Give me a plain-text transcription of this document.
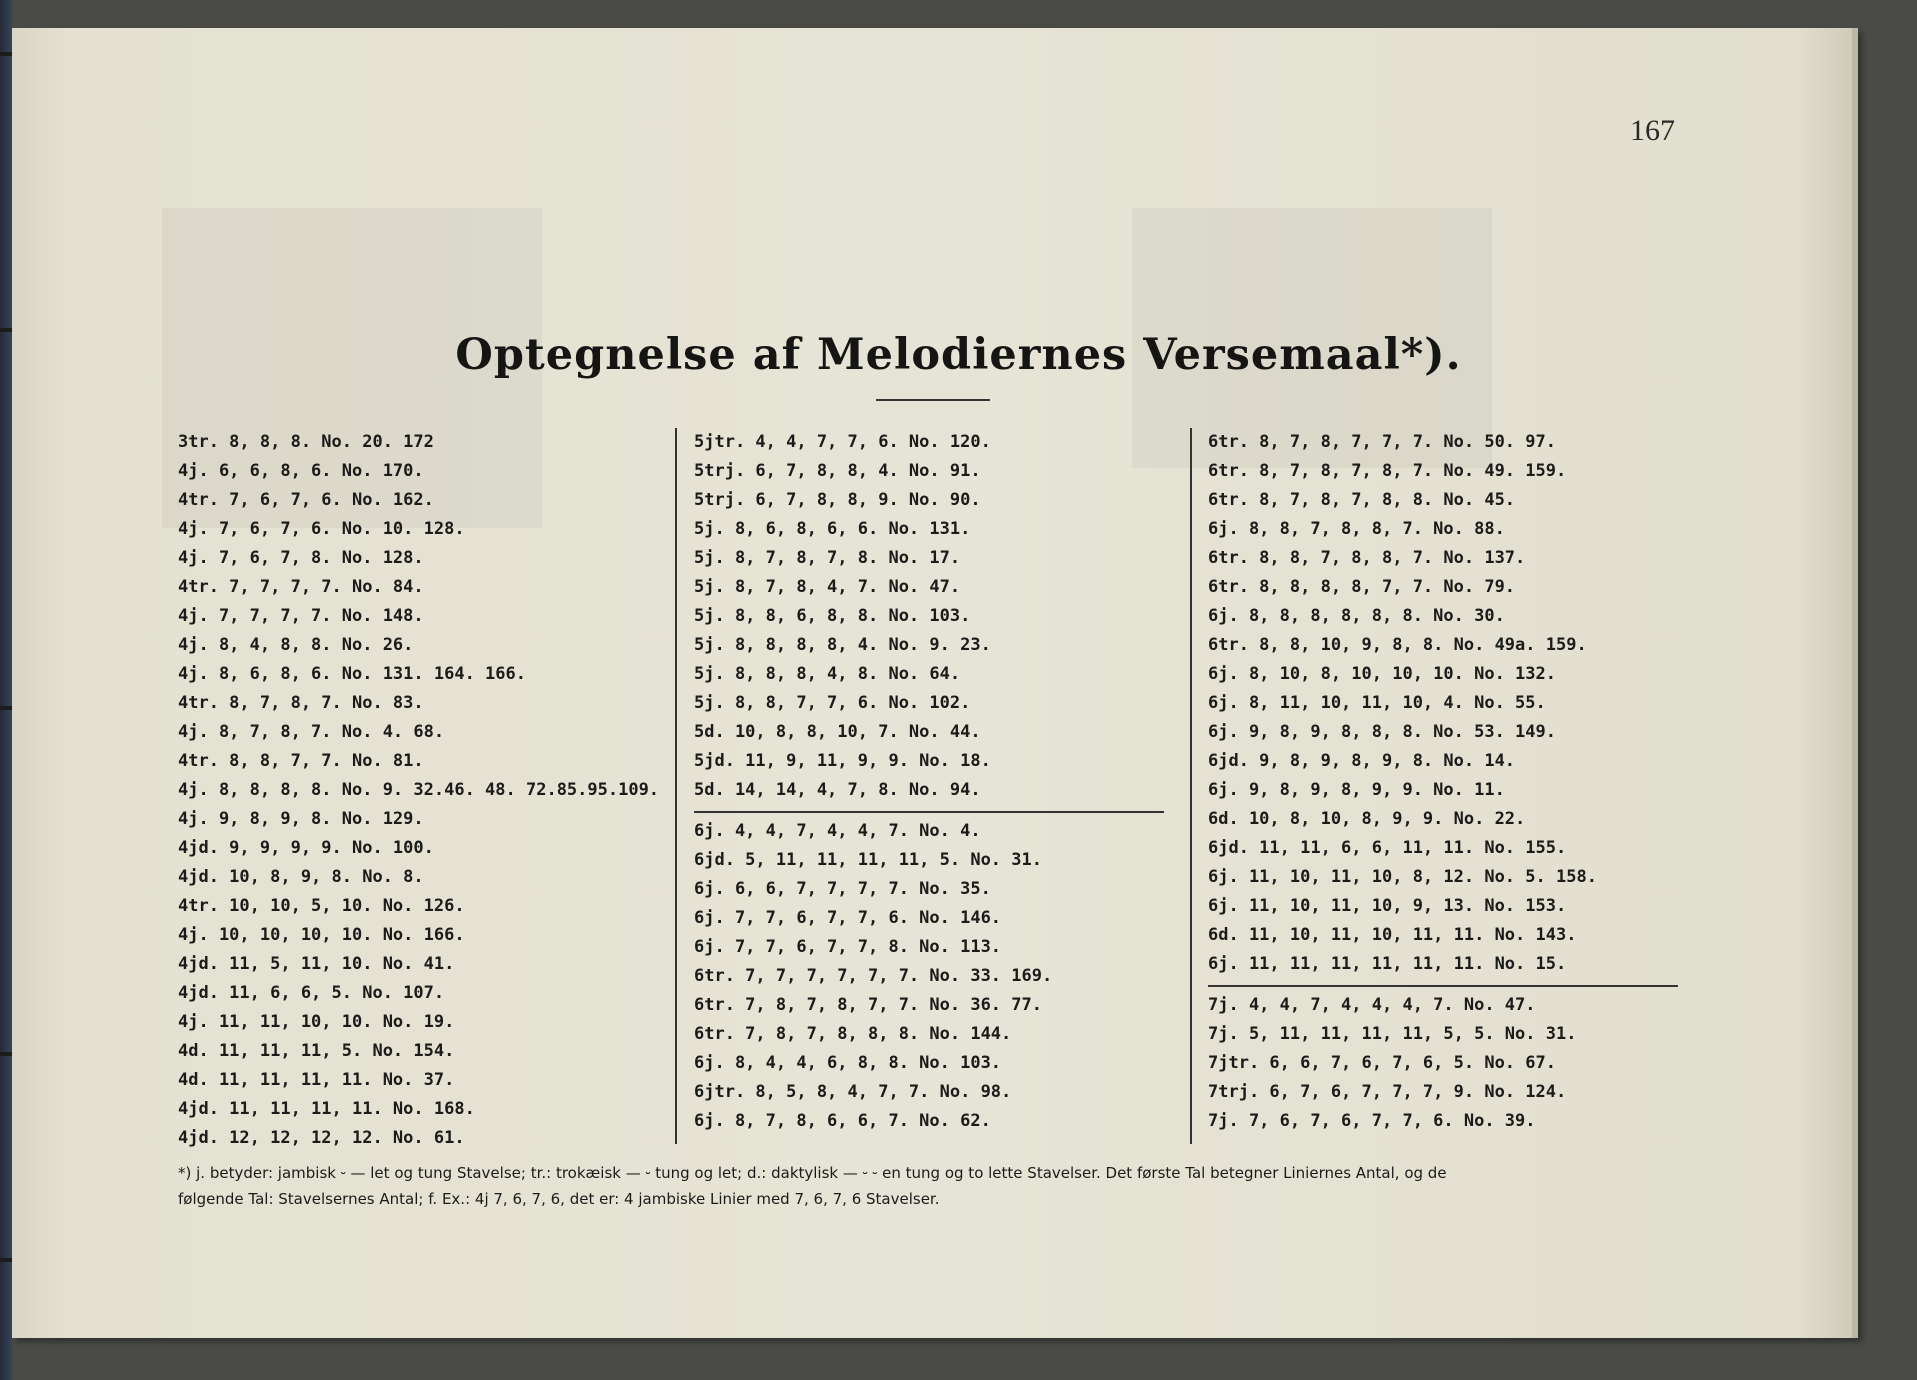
167
Optegnelse af Melodiernes Versemaal*).
3tr. 8, 8, 8. No. 20. 172
4j. 6, 6, 8, 6. No. 170.
4tr. 7, 6, 7, 6. No. 162.
4j. 7, 6, 7, 6. No. 10. 128.
4j. 7, 6, 7, 8. No. 128.
4tr. 7, 7, 7, 7. No. 84.
4j. 7, 7, 7, 7. No. 148.
4j. 8, 4, 8, 8. No. 26.
4j. 8, 6, 8, 6. No. 131. 164. 166.
4tr. 8, 7, 8, 7. No. 83.
4j. 8, 7, 8, 7. No. 4. 68.
4tr. 8, 8, 7, 7. No. 81.
4j. 8, 8, 8, 8. No. 9. 32.46. 48. 72.85.95.109.
4j. 9, 8, 9, 8. No. 129.
4jd. 9, 9, 9, 9. No. 100.
4jd. 10, 8, 9, 8. No. 8.
4tr. 10, 10, 5, 10. No. 126.
4j. 10, 10, 10, 10. No. 166.
4jd. 11, 5, 11, 10. No. 41.
4jd. 11, 6, 6, 5. No. 107.
4j. 11, 11, 10, 10. No. 19.
4d. 11, 11, 11, 5. No. 154.
4d. 11, 11, 11, 11. No. 37.
4jd. 11, 11, 11, 11. No. 168.
4jd. 12, 12, 12, 12. No. 61.
5jtr. 4, 4, 7, 7, 6. No. 120.
5trj. 6, 7, 8, 8, 4. No. 91.
5trj. 6, 7, 8, 8, 9. No. 90.
5j. 8, 6, 8, 6, 6. No. 131.
5j. 8, 7, 8, 7, 8. No. 17.
5j. 8, 7, 8, 4, 7. No. 47.
5j. 8, 8, 6, 8, 8. No. 103.
5j. 8, 8, 8, 8, 4. No. 9. 23.
5j. 8, 8, 8, 4, 8. No. 64.
5j. 8, 8, 7, 7, 6. No. 102.
5d. 10, 8, 8, 10, 7. No. 44.
5jd. 11, 9, 11, 9, 9. No. 18.
5d. 14, 14, 4, 7, 8. No. 94.
6j. 4, 4, 7, 4, 4, 7. No. 4.
6jd. 5, 11, 11, 11, 11, 5. No. 31.
6j. 6, 6, 7, 7, 7, 7. No. 35.
6j. 7, 7, 6, 7, 7, 6. No. 146.
6j. 7, 7, 6, 7, 7, 8. No. 113.
6tr. 7, 7, 7, 7, 7, 7. No. 33. 169.
6tr. 7, 8, 7, 8, 7, 7. No. 36. 77.
6tr. 7, 8, 7, 8, 8, 8. No. 144.
6j. 8, 4, 4, 6, 8, 8. No. 103.
6jtr. 8, 5, 8, 4, 7, 7. No. 98.
6j. 8, 7, 8, 6, 6, 7. No. 62.
6tr. 8, 7, 8, 7, 7, 7. No. 50. 97.
6tr. 8, 7, 8, 7, 8, 7. No. 49. 159.
6tr. 8, 7, 8, 7, 8, 8. No. 45.
6j. 8, 8, 7, 8, 8, 7. No. 88.
6tr. 8, 8, 7, 8, 8, 7. No. 137.
6tr. 8, 8, 8, 8, 7, 7. No. 79.
6j. 8, 8, 8, 8, 8, 8. No. 30.
6tr. 8, 8, 10, 9, 8, 8. No. 49a. 159.
6j. 8, 10, 8, 10, 10, 10. No. 132.
6j. 8, 11, 10, 11, 10, 4. No. 55.
6j. 9, 8, 9, 8, 8, 8. No. 53. 149.
6jd. 9, 8, 9, 8, 9, 8. No. 14.
6j. 9, 8, 9, 8, 9, 9. No. 11.
6d. 10, 8, 10, 8, 9, 9. No. 22.
6jd. 11, 11, 6, 6, 11, 11. No. 155.
6j. 11, 10, 11, 10, 8, 12. No. 5. 158.
6j. 11, 10, 11, 10, 9, 13. No. 153.
6d. 11, 10, 11, 10, 11, 11. No. 143.
6j. 11, 11, 11, 11, 11, 11. No. 15.
7j. 4, 4, 7, 4, 4, 4, 7. No. 47.
7j. 5, 11, 11, 11, 11, 5, 5. No. 31.
7jtr. 6, 6, 7, 6, 7, 6, 5. No. 67.
7trj. 6, 7, 6, 7, 7, 7, 9. No. 124.
7j. 7, 6, 7, 6, 7, 7, 6. No. 39.
*) j. betyder: jambisk ⏑ — let og tung Stavelse; tr.: trokæisk — ⏑ tung og let; d.: daktylisk — ⏑ ⏑ en tung og to lette Stavelser. Det første Tal betegner Liniernes Antal, og de
følgende Tal: Stavelsernes Antal; f. Ex.: 4j 7, 6, 7, 6, det er: 4 jambiske Linier med 7, 6, 7, 6 Stavelser.
